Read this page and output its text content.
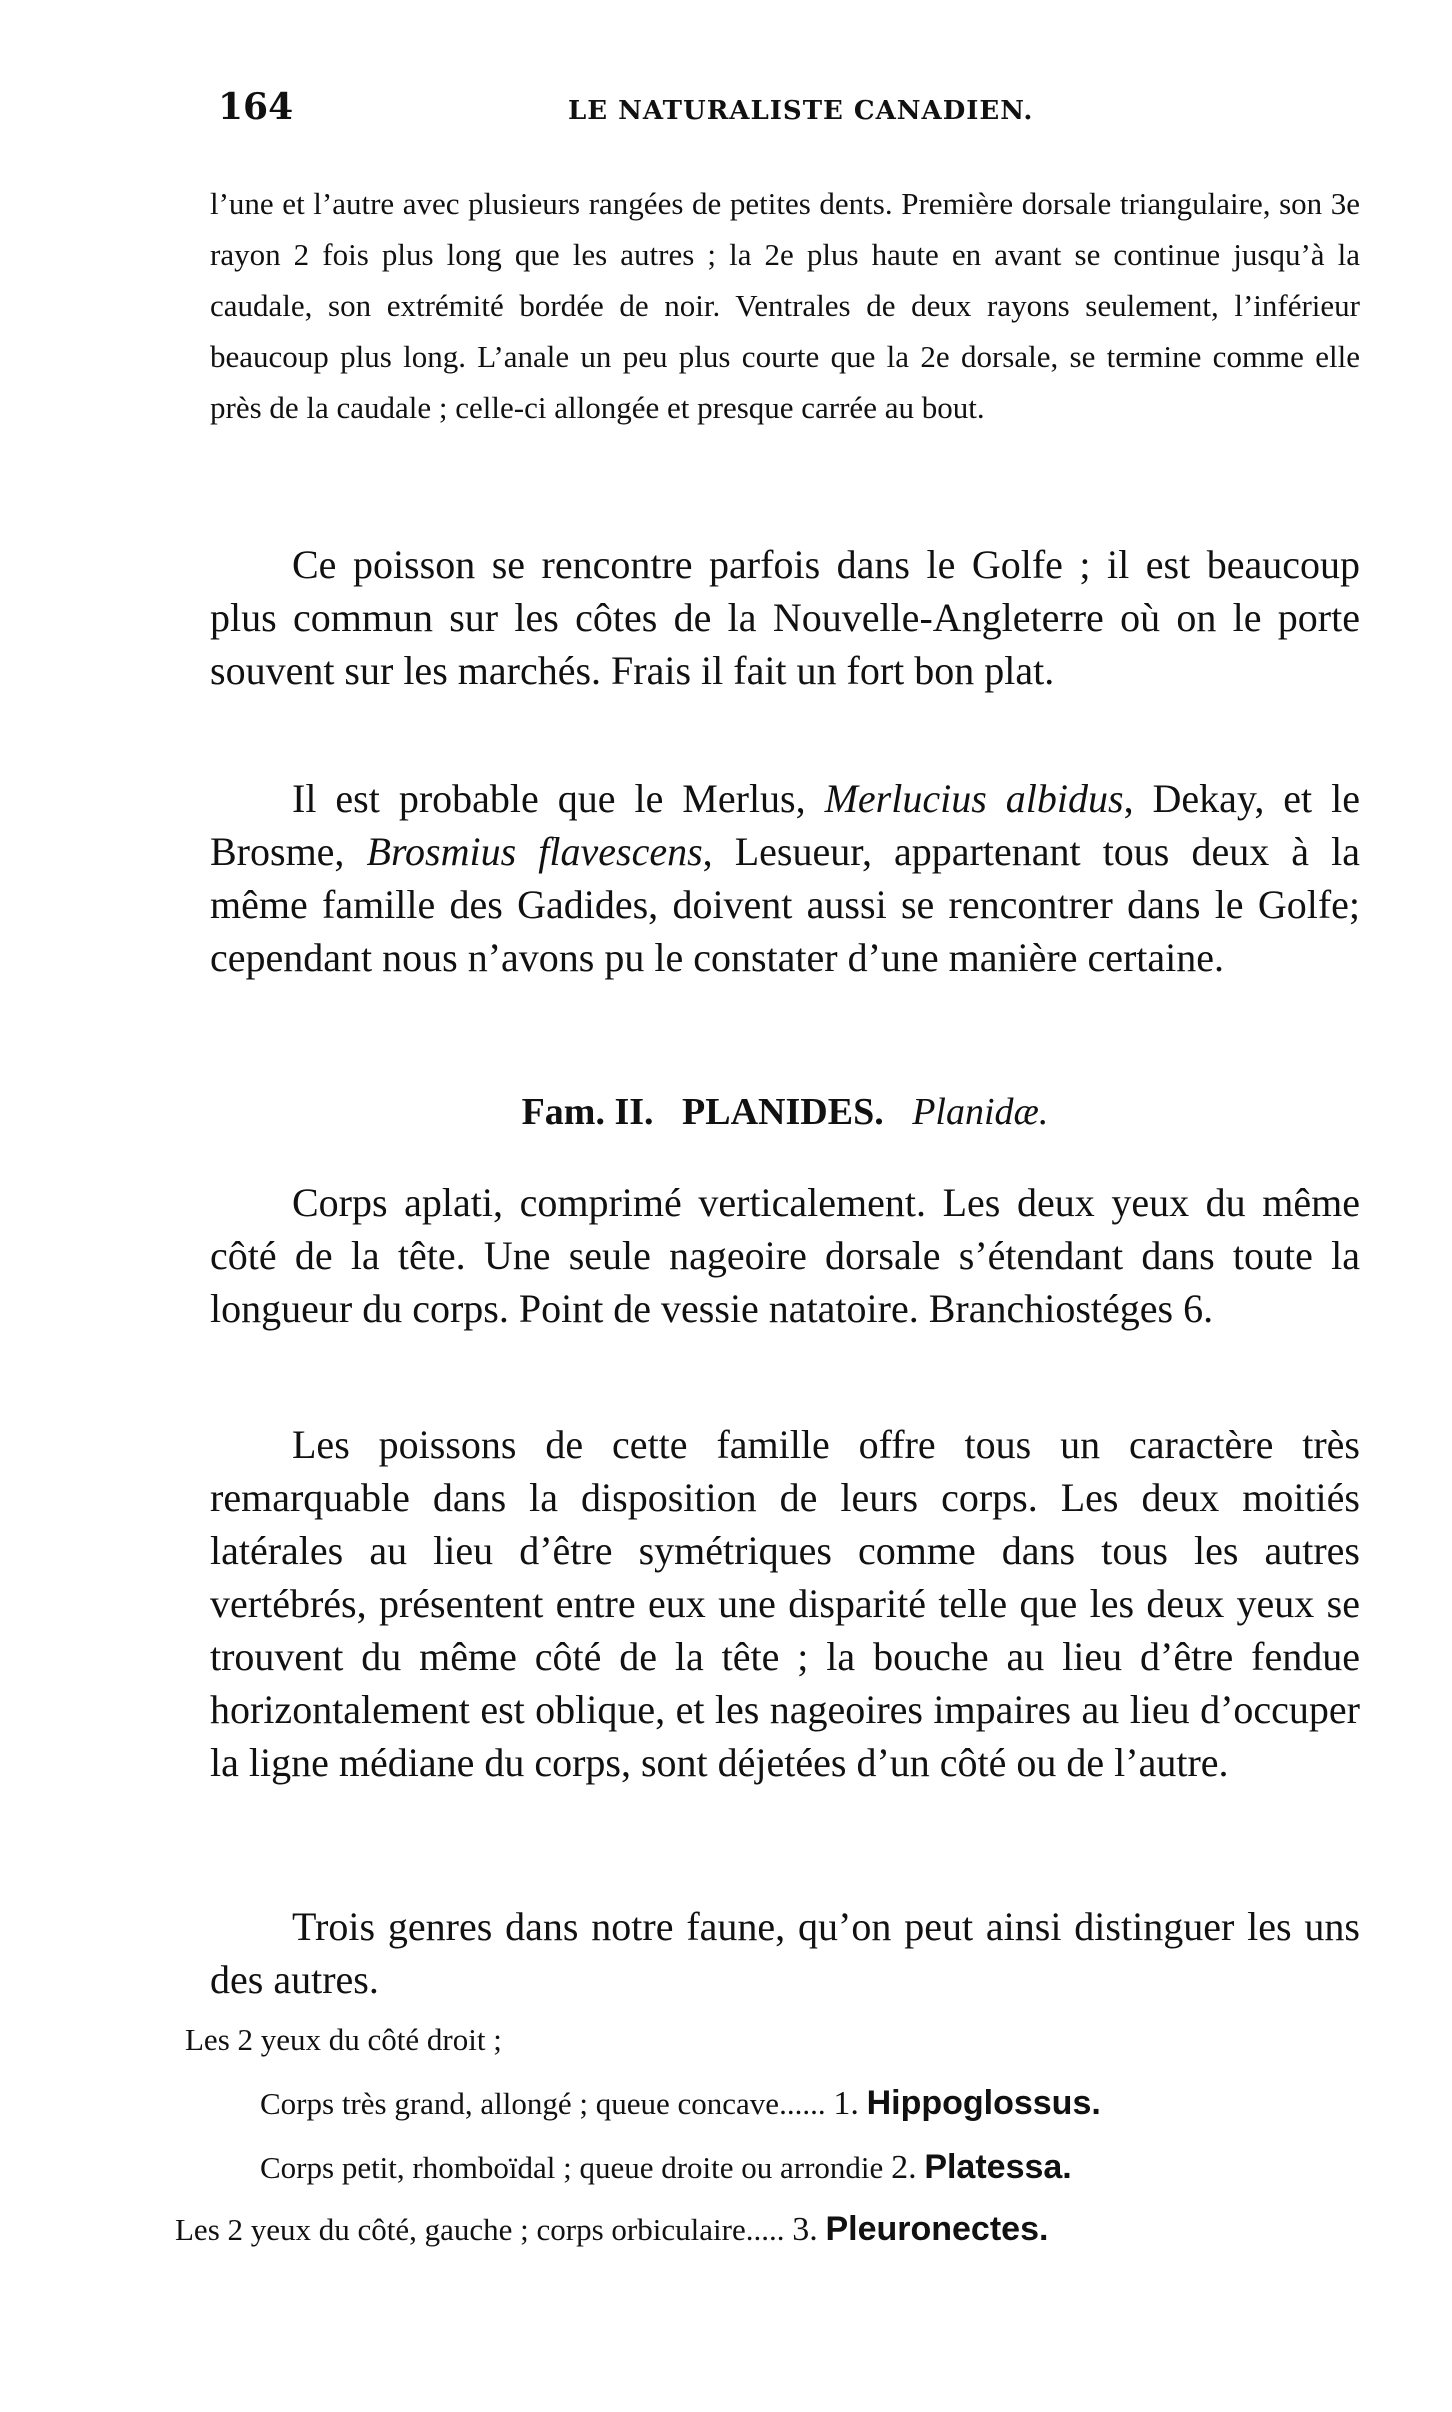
164	LE NATURALISTE CANADIEN.

l’une et l’autre avec plusieurs rangées de petites dents. Première dorsale triangulaire, son 3e rayon 2 fois plus long que les autres ; la 2e plus haute en avant se continue jusqu’à la caudale, son extrémité bordée de noir. Ventrales de deux rayons seulement, l’inférieur beaucoup plus long. L’anale un peu plus courte que la 2e dorsale, se termine comme elle près de la caudale ; celle-ci allongée et presque carrée au bout.

Ce poisson se rencontre parfois dans le Golfe ; il est beaucoup plus commun sur les côtes de la Nouvelle-Angleterre où on le porte souvent sur les marchés. Frais il fait un fort bon plat.

Il est probable que le Merlus, Merlucius albidus, Dekay, et le Brosme, Brosmius flavescens, Lesueur, appartenant tous deux à la même famille des Gadides, doivent aussi se rencontrer dans le Golfe; cependant nous n’avons pu le constater d’une manière certaine.

Fam. II. PLANIDES. Planidæ.

Corps aplati, comprimé verticalement. Les deux yeux du même côté de la tête. Une seule nageoire dorsale s’étendant dans toute la longueur du corps. Point de vessie natatoire. Branchiostéges 6.

Les poissons de cette famille offre tous un caractère très remarquable dans la disposition de leurs corps. Les deux moitiés latérales au lieu d’être symétriques comme dans tous les autres vertébrés, présentent entre eux une disparité telle que les deux yeux se trouvent du même côté de la tête ; la bouche au lieu d’être fendue horizontalement est oblique, et les nageoires impaires au lieu d’occuper la ligne médiane du corps, sont déjetées d’un côté ou de l’autre.

Trois genres dans notre faune, qu’on peut ainsi distinguer les uns des autres.

Les 2 yeux du côté droit ;
Corps très grand, allongé ; queue concave...... 1. Hippoglossus.
Corps petit, rhomboïdal ; queue droite ou arrondie 2. Platessa.
Les 2 yeux du côté, gauche ; corps orbiculaire..... 3. Pleuronectes.
